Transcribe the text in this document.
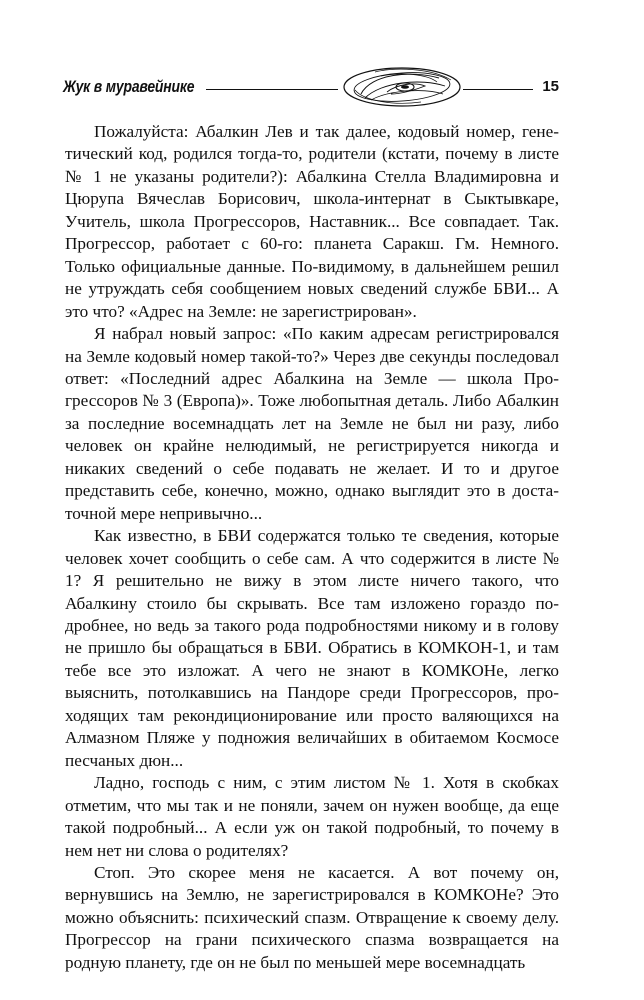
Жук в муравейнике	15

Пожалуйста: Абалкин Лев и так далее, кодовый номер, генетический код, родился тогда-то, родители (кстати, почему в листе № 1 не указаны родители?): Абалкина Стелла Владимировна и Цюрупа Вячеслав Борисович, школа-интернат в Сыктывкаре, Учитель, школа Прогрессоров, Наставник... Все совпадает. Так. Прогрессор, работает с 60-го: планета Саракш. Гм. Немного. Только официальные данные. По-видимому, в дальнейшем решил не утруждать себя сообщением новых сведений службе БВИ... А это что? «Адрес на Земле: не зарегистрирован».

Я набрал новый запрос: «По каким адресам регистрировался на Земле кодовый номер такой-то?» Через две секунды последовал ответ: «Последний адрес Абалкина на Земле — школа Прогрессоров № 3 (Европа)». Тоже любопытная деталь. Либо Абалкин за последние восемнадцать лет на Земле не был ни разу, либо человек он крайне нелюдимый, не регистрируется никогда и никаких сведений о себе подавать не желает. И то и другое представить себе, конечно, можно, однако выглядит это в достаточной мере непривычно...

Как известно, в БВИ содержатся только те сведения, которые человек хочет сообщить о себе сам. А что содержится в листе № 1? Я решительно не вижу в этом листе ничего такого, что Абалкину стоило бы скрывать. Все там изложено гораздо подробнее, но ведь за такого рода подробностями никому и в голову не пришло бы обращаться в БВИ. Обратись в КОМКОН-1, и там тебе все это изложат. А чего не знают в КОМКОНе, легко выяснить, потолкавшись на Пандоре среди Прогрессоров, проходящих там рекондиционирование или просто валяющихся на Алмазном Пляже у подножия величайших в обитаемом Космосе песчаных дюн...

Ладно, господь с ним, с этим листом № 1. Хотя в скобках отметим, что мы так и не поняли, зачем он нужен вообще, да еще такой подробный... А если уж он такой подробный, то почему в нем нет ни слова о родителях?

Стоп. Это скорее меня не касается. А вот почему он, вернувшись на Землю, не зарегистрировался в КОМКОНе? Это можно объяснить: психический спазм. Отвращение к своему делу. Прогрессор на грани психического спазма возвращается на родную планету, где он не был по меньшей мере восемнадцать
